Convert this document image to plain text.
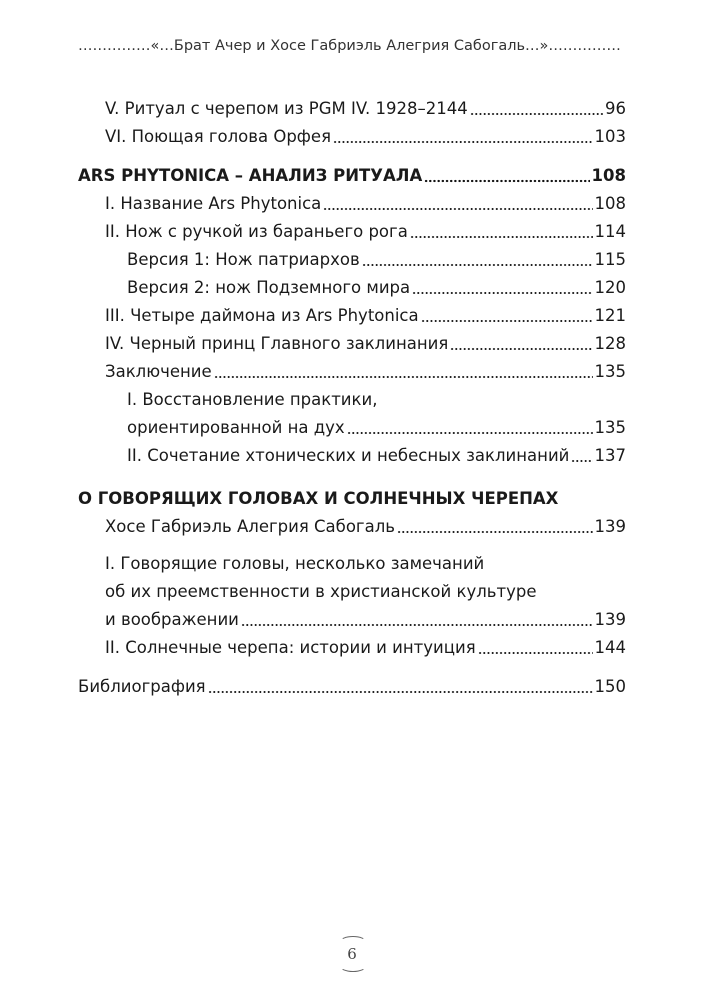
…………… «…Брат Ачер и Хосе Габриэль Алегрия Сабогаль…» ……………
V. Ритуал с черепом из PGM IV. 1928–2144	96
VI. Поющая голова Орфея	103
ARS PHYTONICA – АНАЛИЗ РИТУАЛА	108
I. Название Ars Phytonica	108
II. Нож с ручкой из бараньего рога	114
Версия 1: Нож патриархов	115
Версия 2: нож Подземного мира	120
III. Четыре даймона из Ars Phytonica	121
IV. Черный принц Главного заклинания	128
Заключение	135
I. Восстановление практики,
ориентированной на дух	135
II. Сочетание хтонических и небесных заклинаний 137
О ГОВОРЯЩИХ ГОЛОВАХ И СОЛНЕЧНЫХ ЧЕРЕПАХ
Хосе Габриэль Алегрия Сабогаль	139
I. Говорящие головы, несколько замечаний
об их преемственности в христианской культуре
и воображении	139
II. Солнечные черепа: истории и интуиция	144
Библиография	150
6
